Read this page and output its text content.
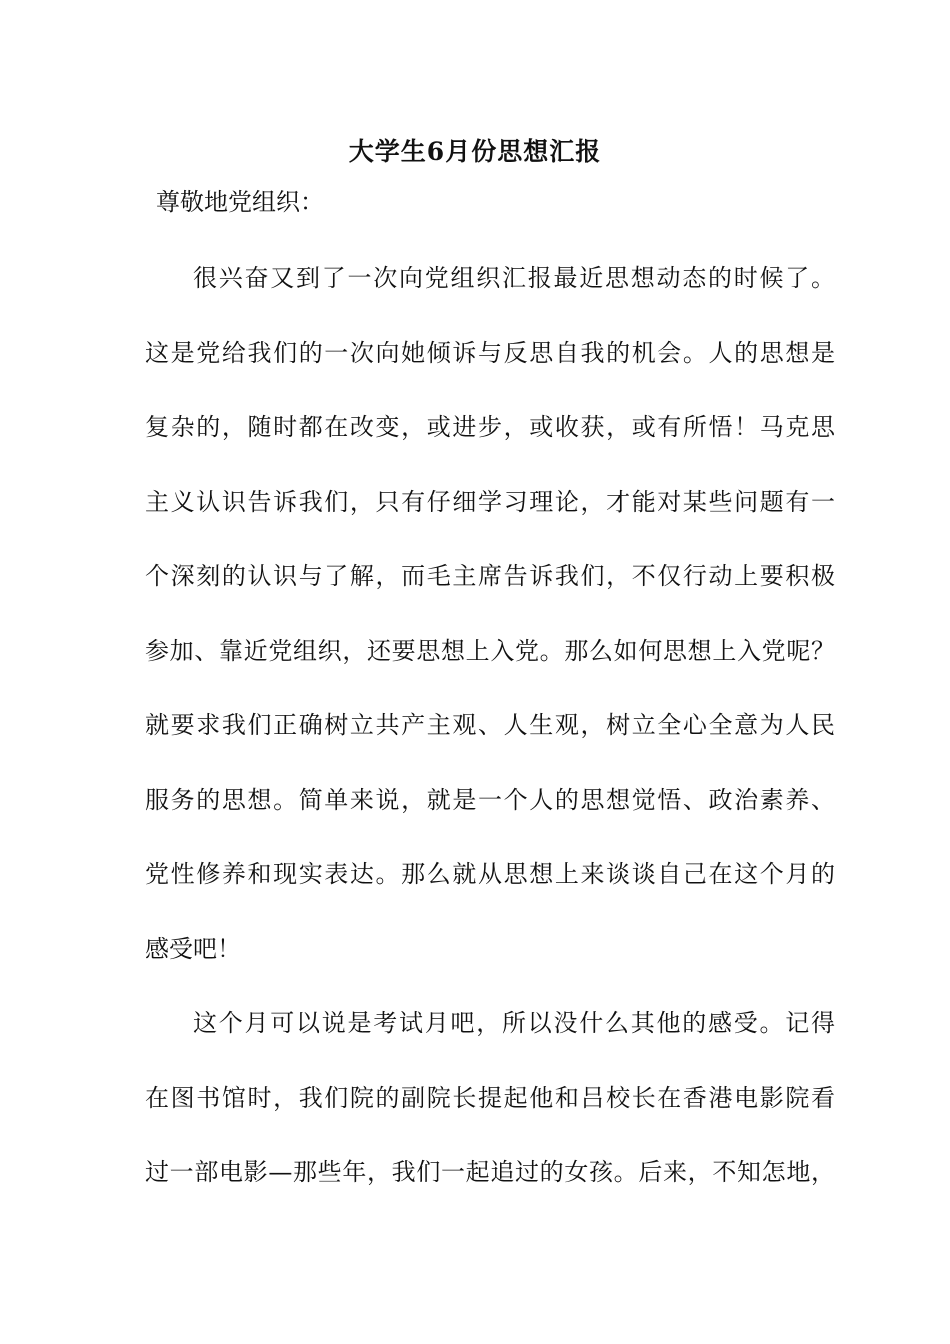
大学生6月份思想汇报
尊敬地党组织：
很兴奋又到了一次向党组织汇报最近思想动态的时候了。
这是党给我们的一次向她倾诉与反思自我的机会。人的思想是
复杂的，随时都在改变，或进步，或收获，或有所悟！马克思
主义认识告诉我们，只有仔细学习理论，才能对某些问题有一
个深刻的认识与了解，而毛主席告诉我们，不仅行动上要积极
参加、靠近党组织，还要思想上入党。那么如何思想上入党呢？
就要求我们正确树立共产主观、人生观，树立全心全意为人民
服务的思想。简单来说，就是一个人的思想觉悟、政治素养、
党性修养和现实表达。那么就从思想上来谈谈自己在这个月的
感受吧！
这个月可以说是考试月吧，所以没什么其他的感受。记得
在图书馆时，我们院的副院长提起他和吕校长在香港电影院看
过一部电影—那些年，我们一起追过的女孩。后来，不知怎地，
